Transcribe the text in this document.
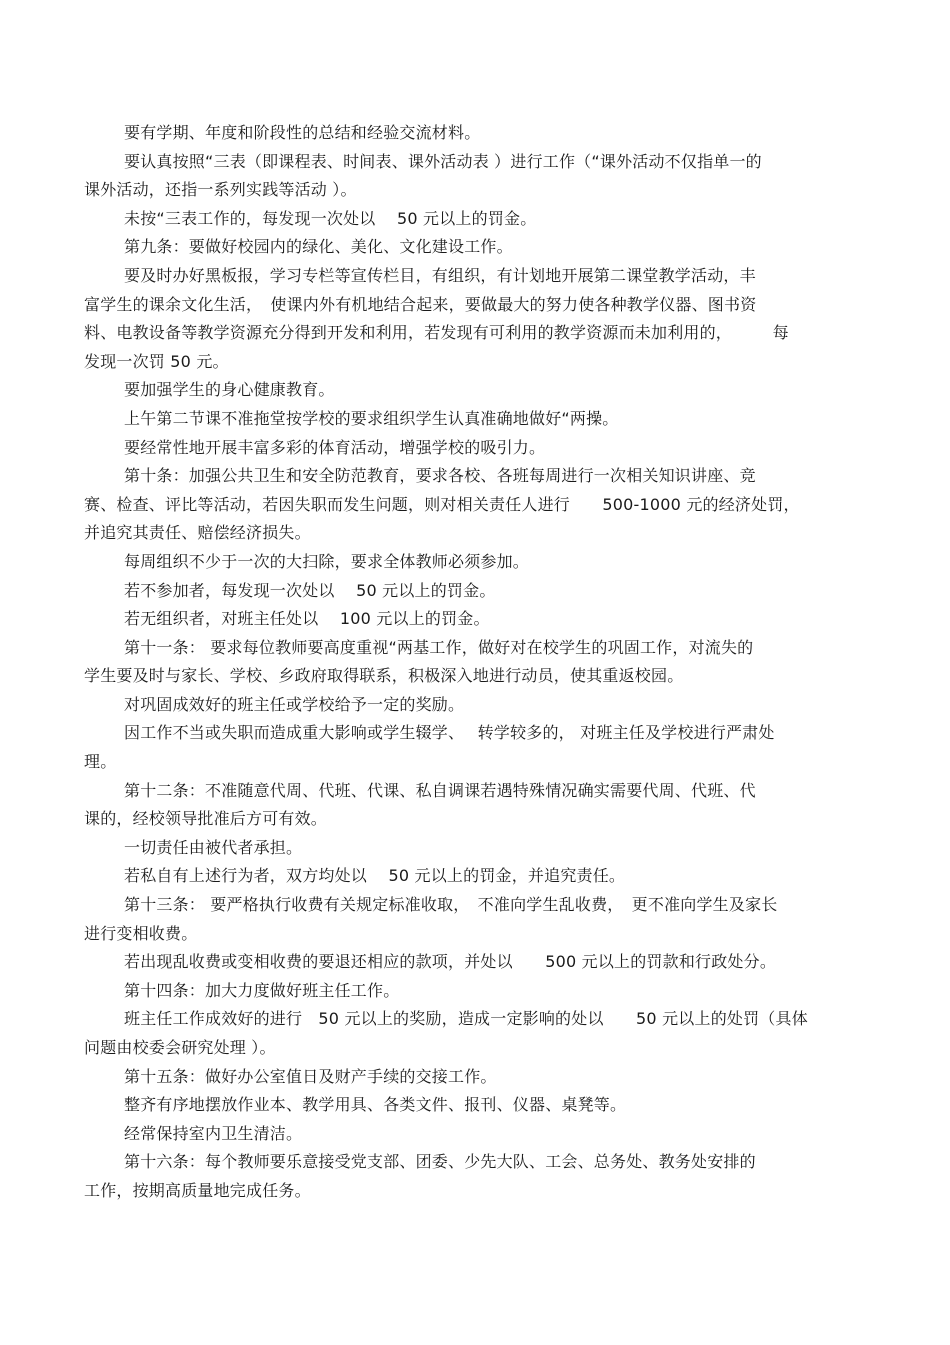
要有学期、年度和阶段性的总结和经验交流材料。
要认真按照“三表（即课程表、时间表、课外活动表 ）进行工作（“课外活动不仅指单一的
课外活动，还指一系列实践等活动 ）。
未按“三表工作的，每发现一次处以　 50 元以上的罚金。
第九条：要做好校园内的绿化、美化、文化建设工作。
要及时办好黑板报，学习专栏等宣传栏目，有组织，有计划地开展第二课堂教学活动，丰
富学生的课余文化生活，　使课内外有机地结合起来，要做最大的努力使各种教学仪器、图书资
料、电教设备等教学资源充分得到开发和利用，若发现有可利用的教学资源而未加利用的，　　　每
发现一次罚 50 元。
要加强学生的身心健康教育。
上午第二节课不准拖堂按学校的要求组织学生认真准确地做好“两操。
要经常性地开展丰富多彩的体育活动，增强学校的吸引力。
第十条：加强公共卫生和安全防范教育，要求各校、各班每周进行一次相关知识讲座、竞
赛、检查、评比等活动，若因失职而发生问题，则对相关责任人进行　　500-1000 元的经济处罚，
并追究其责任、赔偿经济损失。
每周组织不少于一次的大扫除，要求全体教师必须参加。
若不参加者，每发现一次处以　 50 元以上的罚金。
若无组织者，对班主任处以　 100 元以上的罚金。
第十一条： 要求每位教师要高度重视“两基工作，做好对在校学生的巩固工作，对流失的
学生要及时与家长、学校、乡政府取得联系，积极深入地进行动员，使其重返校园。
对巩固成效好的班主任或学校给予一定的奖励。
因工作不当或失职而造成重大影响或学生辍学、　 转学较多的， 对班主任及学校进行严肃处
理。
第十二条：不准随意代周、代班、代课、私自调课若遇特殊情况确实需要代周、代班、代
课的，经校领导批准后方可有效。
一切责任由被代者承担。
若私自有上述行为者，双方均处以　 50 元以上的罚金，并追究责任。
第十三条： 要严格执行收费有关规定标准收取，　不准向学生乱收费，　更不准向学生及家长
进行变相收费。
若出现乱收费或变相收费的要退还相应的款项，并处以　　500 元以上的罚款和行政处分。
第十四条：加大力度做好班主任工作。
班主任工作成效好的进行　50 元以上的奖励，造成一定影响的处以　　50 元以上的处罚（具体
问题由校委会研究处理 ）。
第十五条：做好办公室值日及财产手续的交接工作。
整齐有序地摆放作业本、教学用具、各类文件、报刊、仪器、桌凳等。
经常保持室内卫生清洁。
第十六条：每个教师要乐意接受党支部、团委、少先大队、工会、总务处、教务处安排的
工作，按期高质量地完成任务。
